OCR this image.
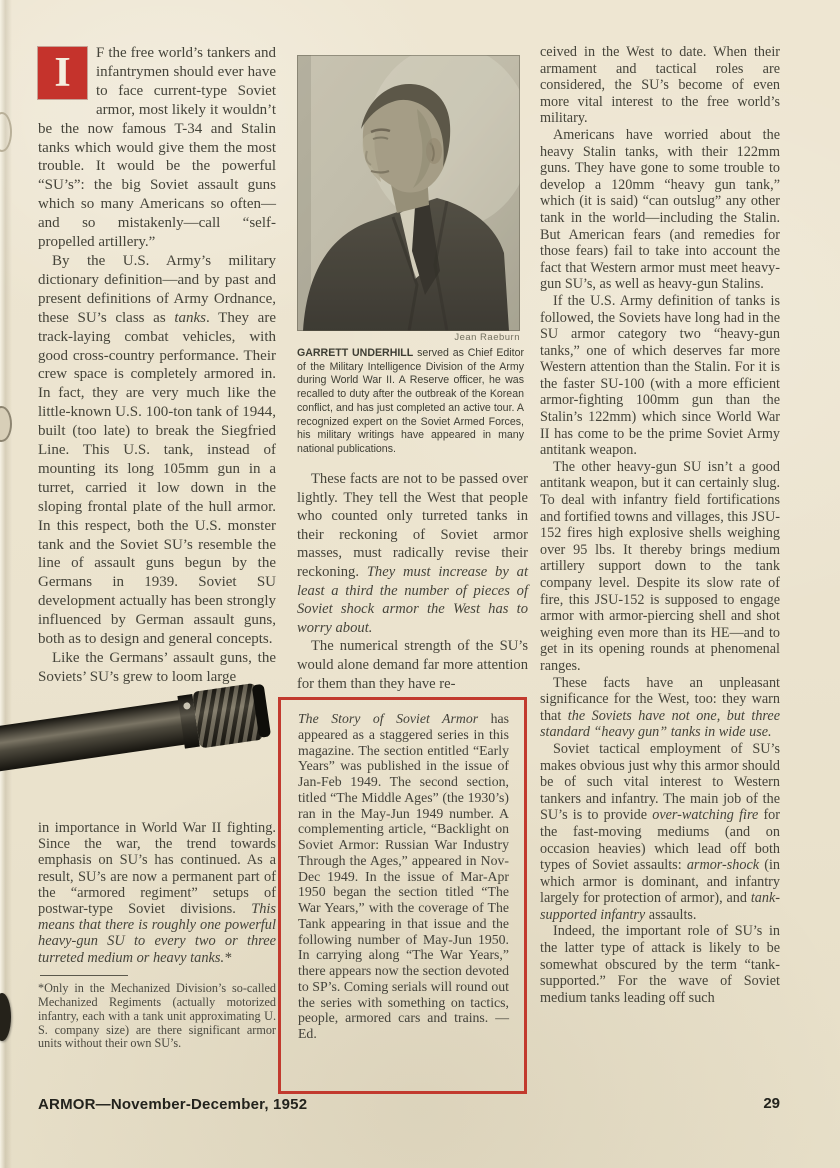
I	F the free world’s tankers and infantrymen should ever have to face current-type Soviet armor, most likely it wouldn’t be the now famous T-34 and Stalin tanks which would give them the most trouble. It would be the powerful “SU’s”: the big Soviet assault guns which so many Americans so often—and so mistakenly—call “self-propelled artillery.”

By the U.S. Army’s military dictionary definition—and by past and present definitions of Army Ordnance, these SU’s class as tanks. They are track-laying combat vehicles, with good cross-country performance. Their crew space is completely armored in. In fact, they are very much like the little-known U.S. 100-ton tank of 1944, built (too late) to break the Siegfried Line. This U.S. tank, instead of mounting its long 105mm gun in a turret, carried it low down in the sloping frontal plate of the hull armor. In this respect, both the U.S. monster tank and the Soviet SU’s resemble the line of assault guns begun by the Germans in 1939. Soviet SU development actually has been strongly influenced by German assault guns, both as to design and general concepts.

Like the Germans’ assault guns, the Soviets’ SU’s grew to loom large

in importance in World War II fighting. Since the war, the trend towards emphasis on SU’s has continued. As a result, SU’s are now a permanent part of the “armored regiment” setups of postwar-type Soviet divisions. This means that there is roughly one powerful heavy-gun SU to every two or three turreted medium or heavy tanks.*

*Only in the Mechanized Division’s so-called Mechanized Regiments (actually motorized infantry, each with a tank unit approximating U. S. company size) are there significant armor units without their own SU’s.

ARMOR—November-December, 1952	29
Jean Raeburn
GARRETT UNDERHILL served as Chief Editor of the Military Intelligence Division of the Army during World War II. A Reserve officer, he was recalled to duty after the outbreak of the Korean conflict, and has just completed an active tour. A recognized expert on the Soviet Armed Forces, his military writings have appeared in many national publications.

These facts are not to be passed over lightly. They tell the West that people who counted only turreted tanks in their reckoning of Soviet armor masses, must radically revise their reckoning. They must increase by at least a third the number of pieces of Soviet shock armor the West has to worry about.

The numerical strength of the SU’s would alone demand far more attention for them than they have re-

The Story of Soviet Armor has appeared as a staggered series in this magazine. The section entitled “Early Years” was published in the issue of Jan-Feb 1949. The second section, titled “The Middle Ages” (the 1930’s) ran in the May-Jun 1949 number. A complementing article, “Backlight on Soviet Armor: Russian War Industry Through the Ages,” appeared in Nov-Dec 1949. In the issue of Mar-Apr 1950 began the section titled “The War Years,” with the coverage of The Tank appearing in that issue and the following number of May-Jun 1950. In carrying along “The War Years,” there appears now the section devoted to SP’s. Coming serials will round out the series with something on tactics, people, armored cars and trains. —Ed.

ceived in the West to date. When their armament and tactical roles are considered, the SU’s become of even more vital interest to the free world’s military.

Americans have worried about the heavy Stalin tanks, with their 122mm guns. They have gone to some trouble to develop a 120mm “heavy gun tank,” which (it is said) “can outslug” any other tank in the world—including the Stalin. But American fears (and remedies for those fears) fail to take into account the fact that Western armor must meet heavy-gun SU’s, as well as heavy-gun Stalins.

If the U.S. Army definition of tanks is followed, the Soviets have long had in the SU armor category two “heavy-gun tanks,” one of which deserves far more Western attention than the Stalin. For it is the faster SU-100 (with a more efficient armor-fighting 100mm gun than the Stalin’s 122mm) which since World War II has come to be the prime Soviet Army antitank weapon.

The other heavy-gun SU isn’t a good antitank weapon, but it can certainly slug. To deal with infantry field fortifications and fortified towns and villages, this JSU-152 fires high explosive shells weighing over 95 lbs. It thereby brings medium artillery support down to the tank company level. Despite its slow rate of fire, this JSU-152 is supposed to engage armor with armor-piercing shell and shot weighing even more than its HE—and to get in its opening rounds at phenomenal ranges.

These facts have an unpleasant significance for the West, too: they warn that the Soviets have not one, but three standard “heavy gun” tanks in wide use.

Soviet tactical employment of SU’s makes obvious just why this armor should be of such vital interest to Western tankers and infantry. The main job of the SU’s is to provide over-watching fire for the fast-moving mediums (and on occasion heavies) which lead off both types of Soviet assaults: armor-shock (in which armor is dominant, and infantry largely for protection of armor), and tank-supported infantry assaults.

Indeed, the important role of SU’s in the latter type of attack is likely to be somewhat obscured by the term “tank-supported.” For the wave of Soviet medium tanks leading off such
